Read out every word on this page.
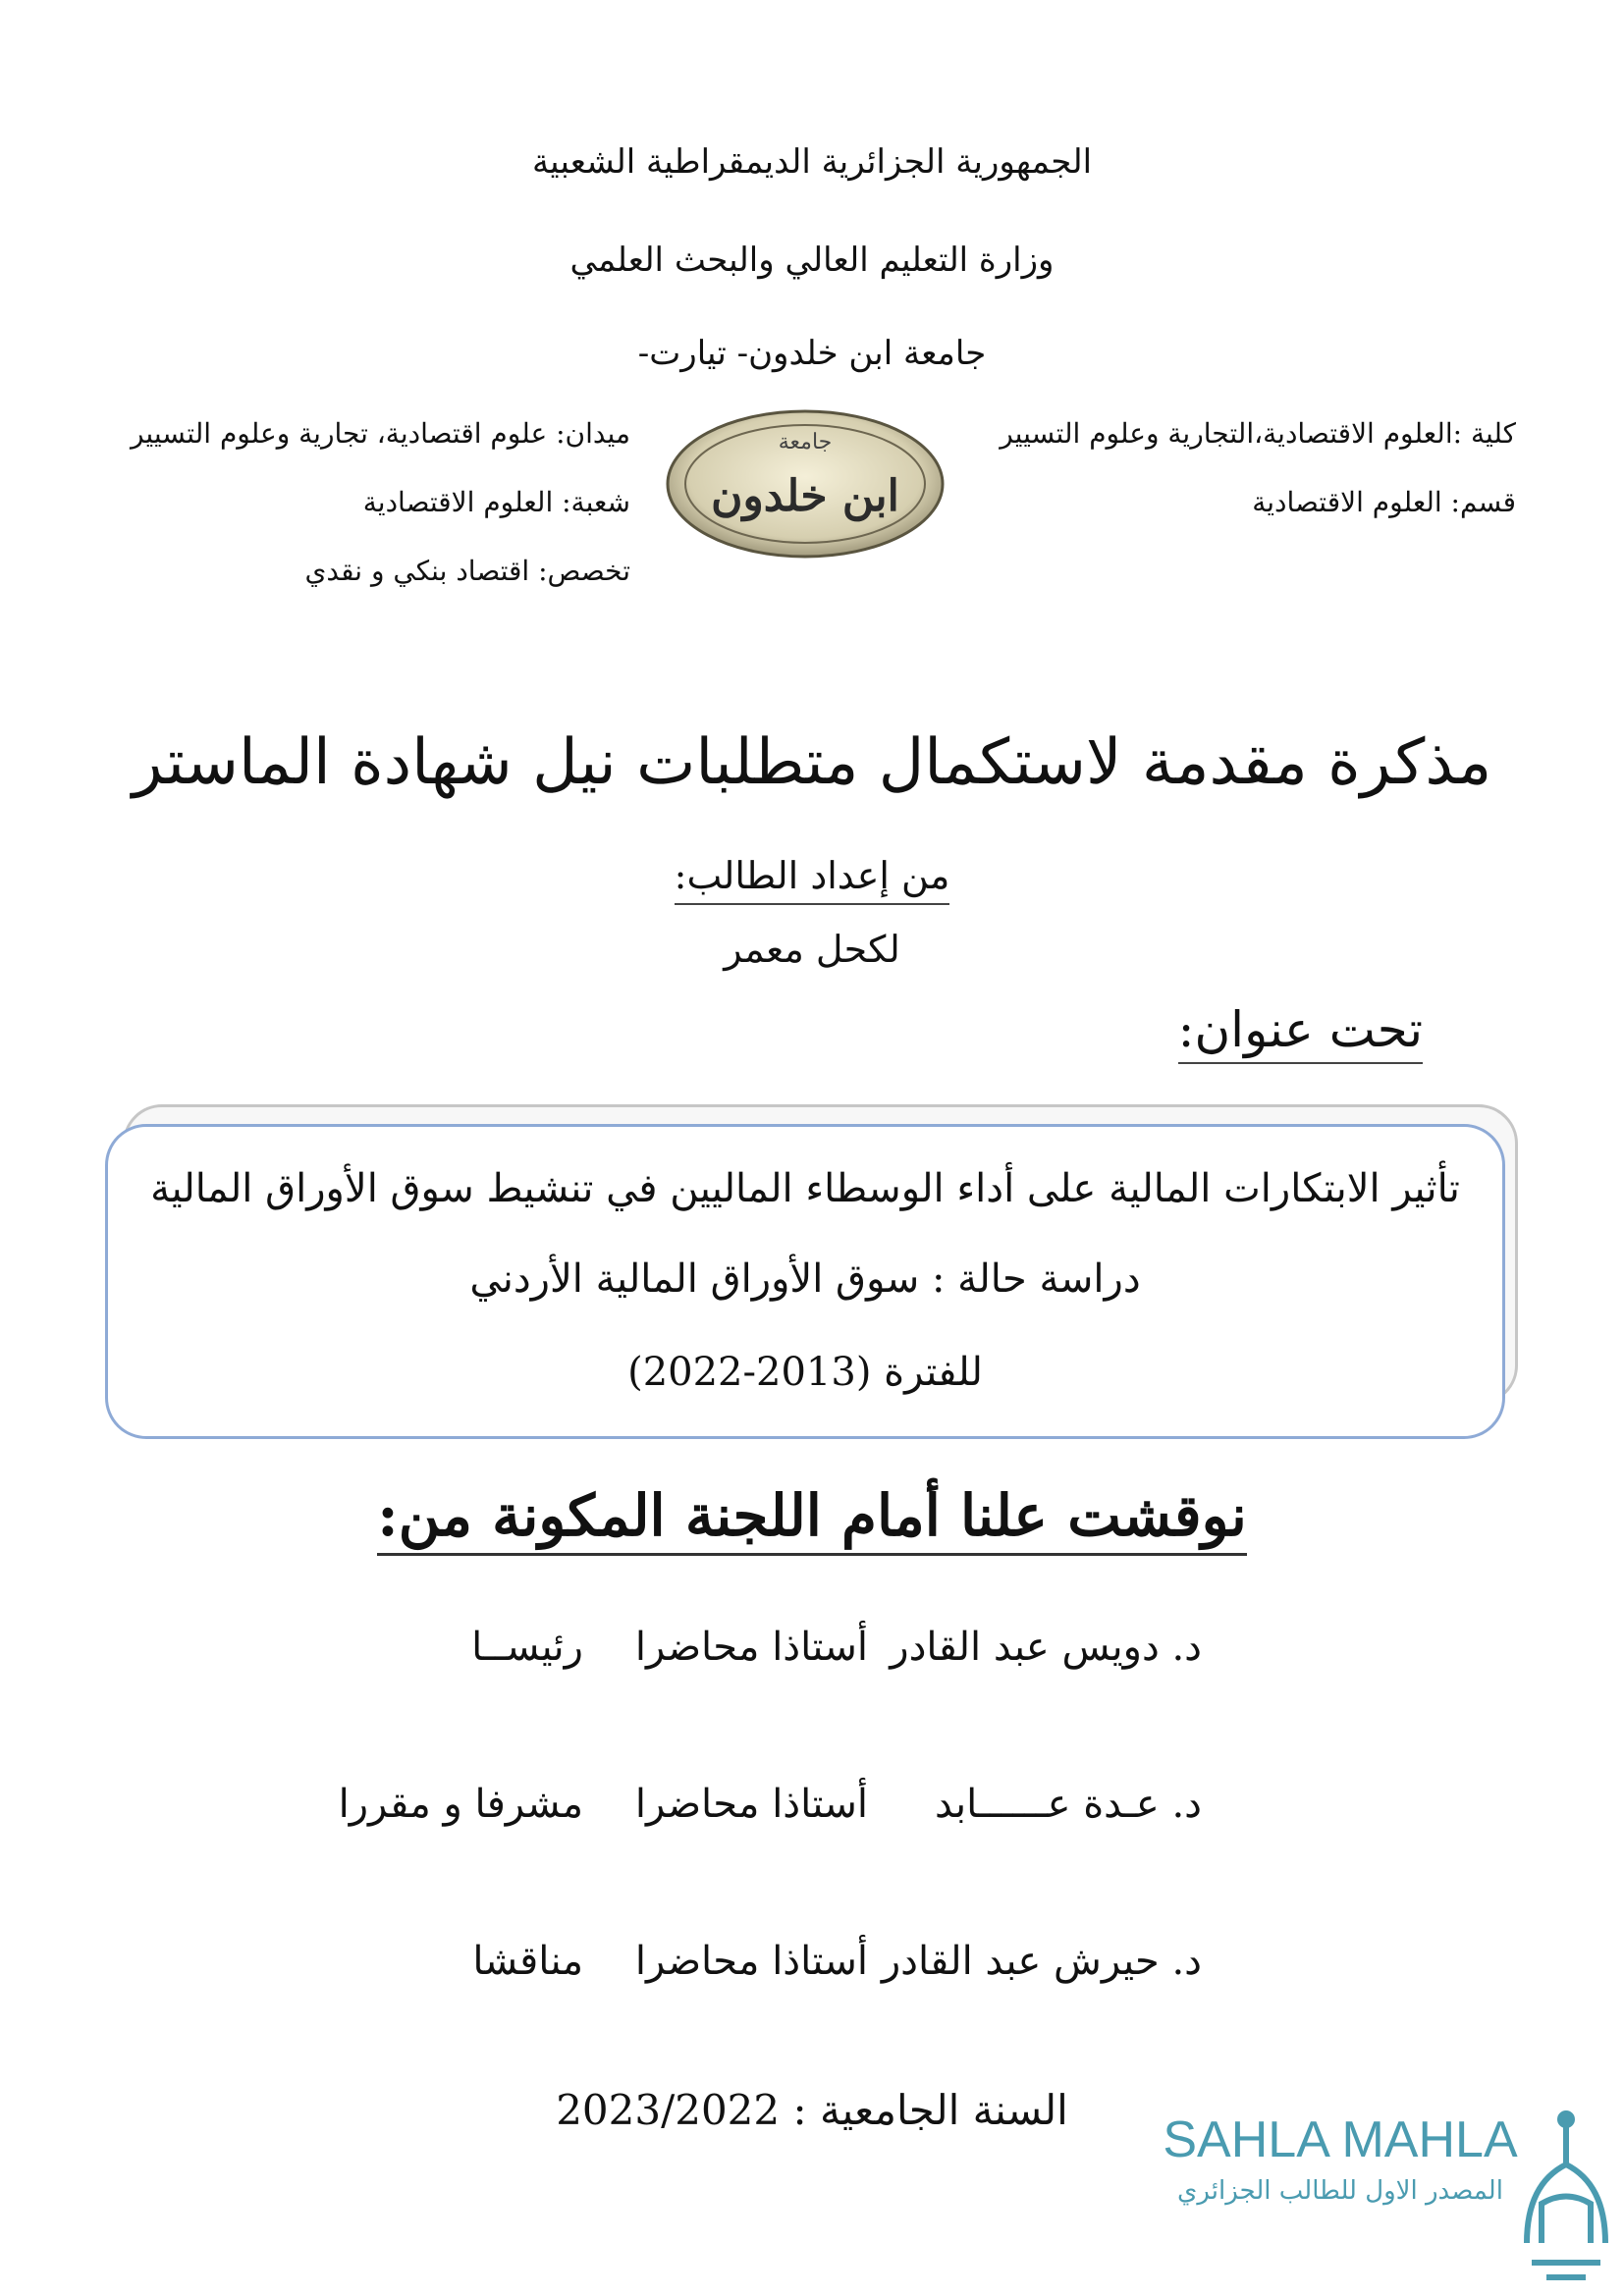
الجمهورية الجزائرية الديمقراطية الشعبية
وزارة التعليم العالي والبحث العلمي
جامعة ابن خلدون- تيارت-
كلية :العلوم الاقتصادية،التجارية وعلوم التسيير
قسم: العلوم الاقتصادية
ميدان: علوم اقتصادية، تجارية وعلوم التسيير
شعبة: العلوم الاقتصادية
تخصص: اقتصاد بنكي و نقدي
جامعة
ابن خلدون
مذكرة مقدمة لاستكمال متطلبات نيل شهادة الماستر
من إعداد الطالب:
لكحل معمر
تحت عنوان:
تأثير الابتكارات المالية على أداء الوسطاء الماليين في تنشيط سوق الأوراق المالية
دراسة حالة : سوق الأوراق المالية الأردني
للفترة (2013-2022)
نوقشت علنا أمام اللجنة المكونة من:
د. دويس عبد القادر
أستاذا محاضرا
رئيســا
د. عـدة عــــــابد
أستاذا محاضرا
مشرفا و مقررا
د. حيرش عبد القادر
أستاذا محاضرا
مناقشا
السنة الجامعية : 2023/2022
SAHLA MAHLA
المصدر الاول للطالب الجزائري
